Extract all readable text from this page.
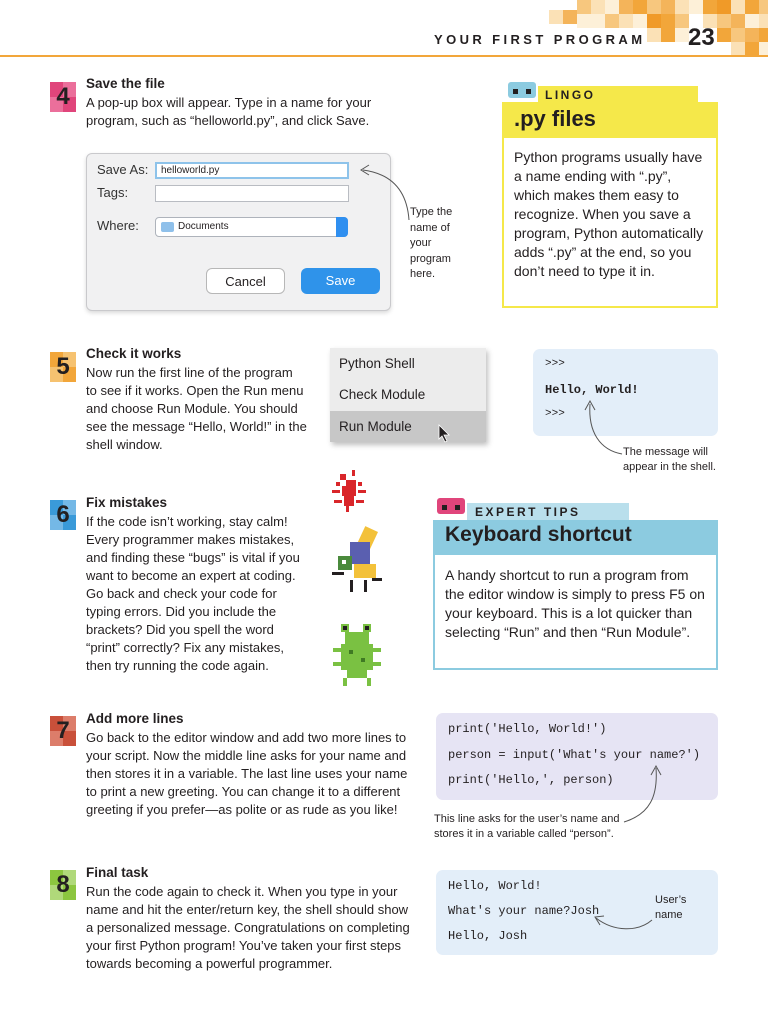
YOUR FIRST PROGRAM 23
4 Save the file
A pop-up box will appear. Type in a name for your
program, such as “helloworld.py”, and click Save.
Save As:	helloworld.py
Tags:
Where:	Documents
Cancel	Save
Type the
name of
your
program
here.
LINGO
.py files
Python programs usually have
a name ending with “.py”,
which makes them easy to
recognize. When you save a
program, Python automatically
adds “.py” at the end, so you
don’t need to type it in.
5 Check it works
Now run the first line of the program
to see if it works. Open the Run menu
and choose Run Module. You should
see the message “Hello, World!” in the
shell window.
Python Shell
Check Module
Run Module
>>>
Hello, World!
>>>
The message will
appear in the shell.
6 Fix mistakes
If the code isn’t working, stay calm!
Every programmer makes mistakes,
and finding these “bugs” is vital if you
want to become an expert at coding.
Go back and check your code for
typing errors. Did you include the
brackets? Did you spell the word
“print” correctly? Fix any mistakes,
then try running the code again.
EXPERT TIPS
Keyboard shortcut
A handy shortcut to run a program from
the editor window is simply to press F5 on
your keyboard. This is a lot quicker than
selecting “Run” and then “Run Module”.
7 Add more lines
Go back to the editor window and add two more lines to
your script. Now the middle line asks for your name and
then stores it in a variable. The last line uses your name
to print a new greeting. You can change it to a different
greeting if you prefer—as polite or as rude as you like!
print('Hello, World!')
person = input('What's your name?')
print('Hello,', person)
This line asks for the user’s name and
stores it in a variable called “person”.
8 Final task
Run the code again to check it. When you type in your
name and hit the enter/return key, the shell should show
a personalized message. Congratulations on completing
your first Python program! You’ve taken your first steps
towards becoming a powerful programmer.
Hello, World!
What's your name?Josh
Hello, Josh
User’s
name
